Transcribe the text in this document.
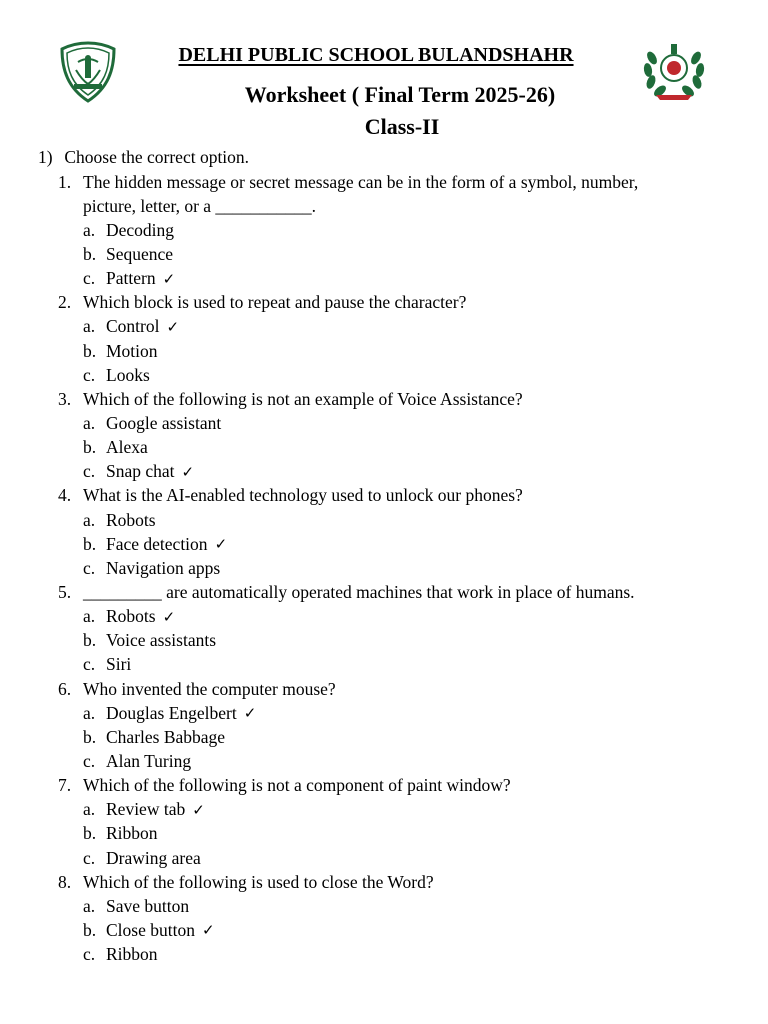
DELHI PUBLIC SCHOOL BULANDSHAHR
Worksheet ( Final Term 2025-26)
Class-II
1) Choose the correct option.
1. The hidden message or secret message can be in the form of a symbol, number,
picture, letter, or a ___________.
a. Decoding
b. Sequence
c. Pattern ✓
2. Which block is used to repeat and pause the character?
a. Control ✓
b. Motion
c. Looks
3. Which of the following is not an example of Voice Assistance?
a. Google assistant
b. Alexa
c. Snap chat ✓
4. What is the AI-enabled technology used to unlock our phones?
a. Robots
b. Face detection ✓
c. Navigation apps
5. _________ are automatically operated machines that work in place of humans.
a. Robots ✓
b. Voice assistants
c. Siri
6. Who invented the computer mouse?
a. Douglas Engelbert ✓
b. Charles Babbage
c. Alan Turing
7. Which of the following is not a component of paint window?
a. Review tab ✓
b. Ribbon
c. Drawing area
8. Which of the following is used to close the Word?
a. Save button
b. Close button ✓
c. Ribbon
